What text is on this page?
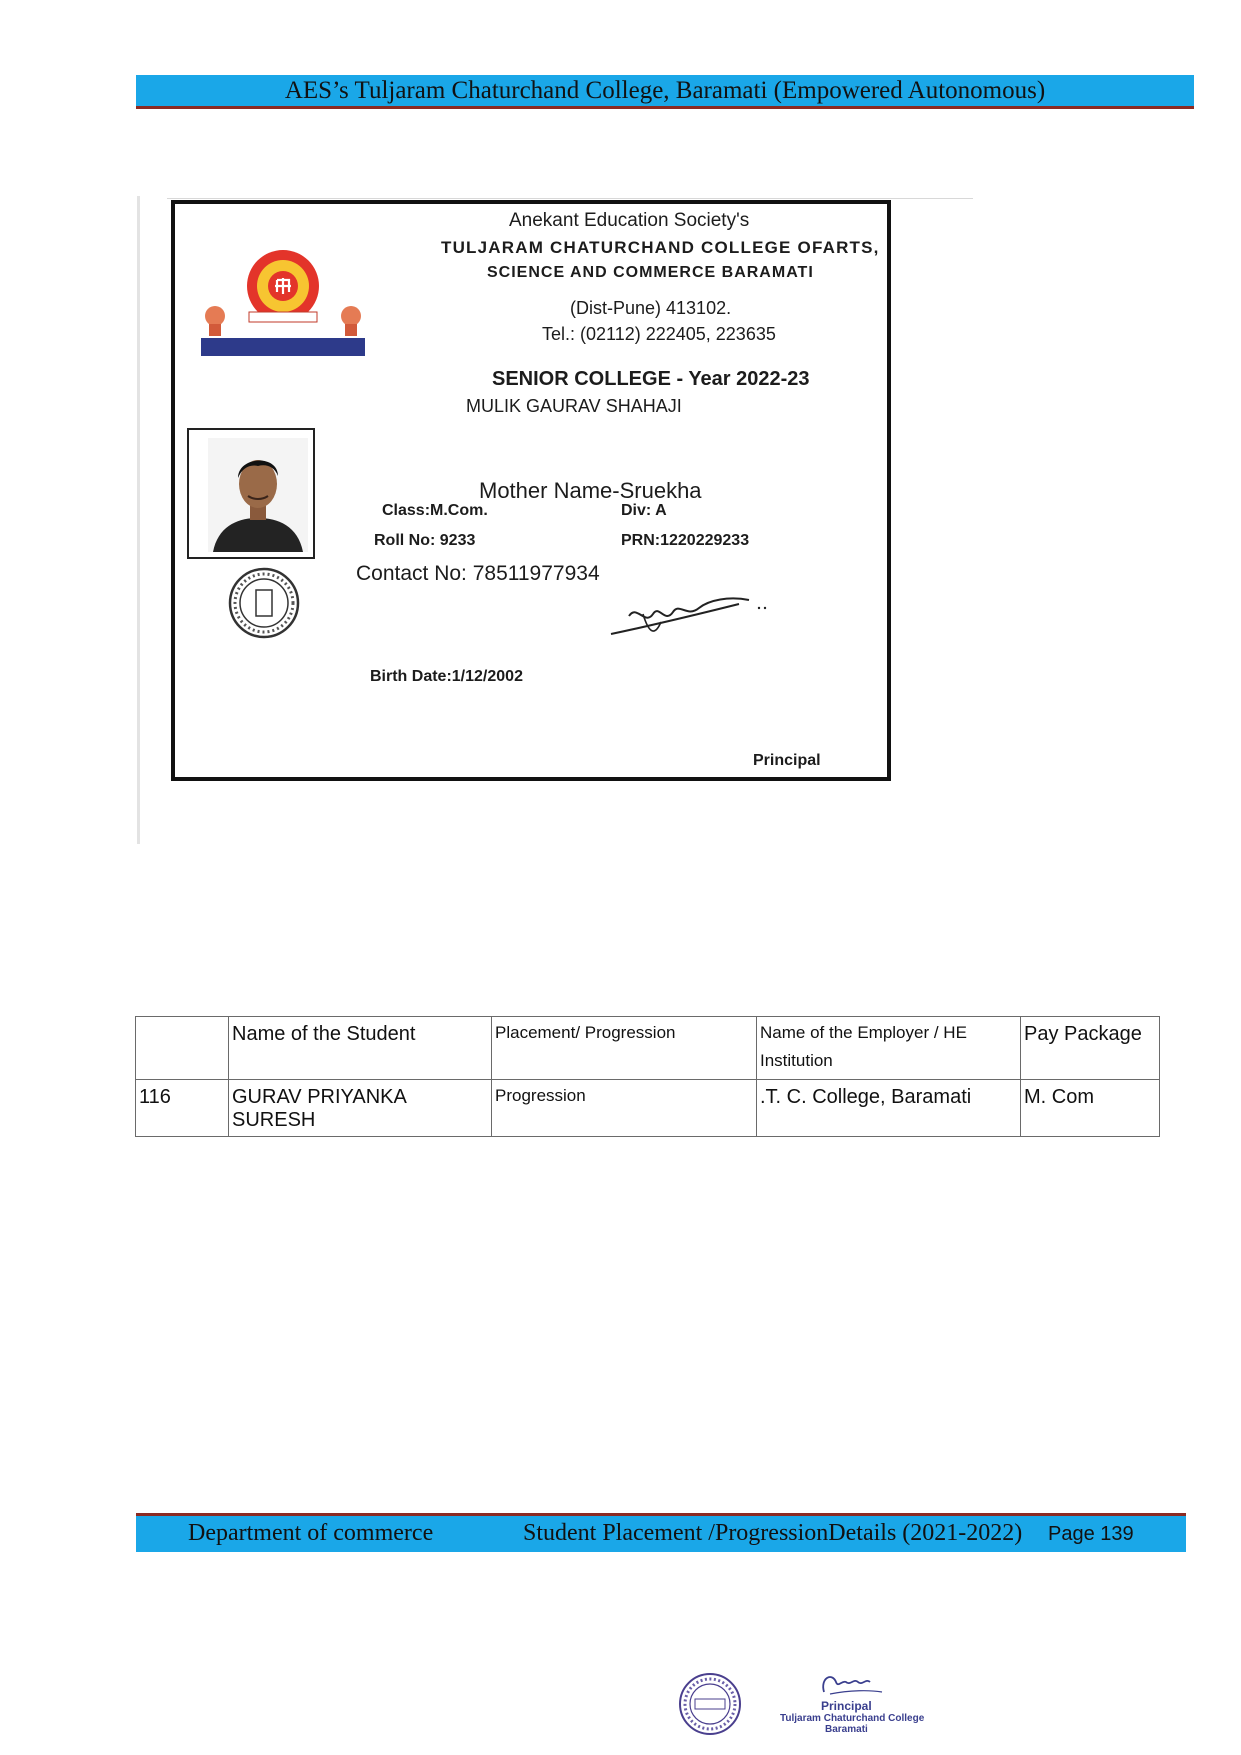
AES’s Tuljaram Chaturchand College, Baramati (Empowered Autonomous)
Anekant Education Society's
TULJARAM CHATURCHAND COLLEGE OFARTS,
SCIENCE AND COMMERCE BARAMATI
(Dist-Pune) 413102.
Tel.: (02112) 222405, 223635
SENIOR COLLEGE - Year 2022-23
MULIK GAURAV SHAHAJI
Mother Name-Sruekha
Class:M.Com.	Div: A
Roll No: 9233	PRN:1220229233
Contact No: 78511977934
Birth Date:1/12/2002
Principal
	Name of the Student	Placement/ Progression	Name of the Employer / HE Institution	Pay Package
116	GURAV PRIYANKA SURESH	Progression	.T. C. College, Baramati	M. Com
Department of commerce	Student Placement /ProgressionDetails (2021-2022) Page 139
Principal
Tuljaram Chaturchand College
Baramati
